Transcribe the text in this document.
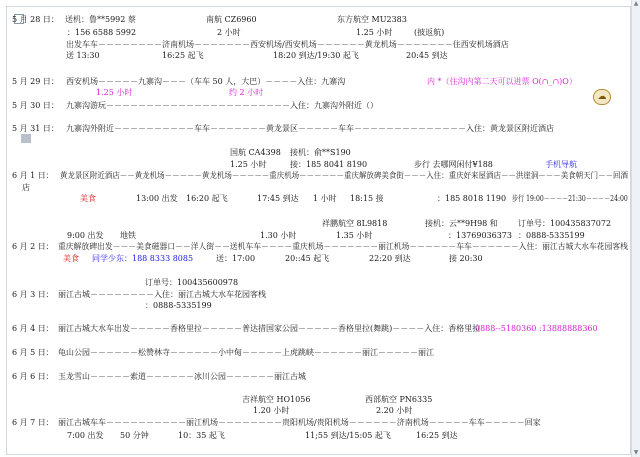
☁
▲
▼
5 月 28 日： 送机：鲁**5992 蔡	南航 CZ6960	东方航空 MU2383
：156 6588 5992	2 小时	1.25 小时	(披返航)
出发车车－－－－－－－－济南机场－－－－－－－西安机场/西安机场－－－－－－黄龙机场－－－－－－－住西安机场酒店
送 13:30	16:25 起飞	18:20 到达/19:30 起飞	20:45 到达
5 月 29 日： 西安机场－－－－－九寨沟－－－（车车 50 人，大巴）－－－－入住：九寨沟	内 *（住沟内第二天可以进票 O(∩_∩)O）
1.25 小时	约 2 小时
5 月 30 日： 九寨沟游玩－－－－－－－－－－－－－－－－－－－－－－－入住：九寨沟外附近（）
5 月 31 日： 九寨沟外附近－－－－－－－－－－车车－－－－－－－黄龙景区－－－－－车车－－－－－－－－－－－－－－入住：黄龙景区附近酒店
国航 CA4398 接机：俞**S190
1.25 小时	接：185 8041 8190	步行 去哪网闲付¥188	手机导航
6 月 1 日： 黄龙景区附近酒店－－黄龙机场－－－－－黄龙机场－－－－－重庆机场－－－－－－重庆解放碑美食街－－－入住：重庆好来屋酒店－－洪崖洞－－－美食朝天门－－回酒
店
美食	13:00 出发 16:20 起飞	17:45 到达 1 小时 18:15 接	：185 8018 1190 步行 19:00－－－－21:30－－－－24:00
祥鹏航空 8L9818	接机：云**9H98 和	订单号：100435837072
9:00 出发 地铁	1.30 小时	1.35 小时	：13769036373 ：0888-5335199
6 月 2 日： 重庆解放碑出发－－－美食磁器口－－洋人街－－送机车车－－－－重庆机场－－－－－－－丽江机场－－－－－－车车－－－－－－入住：丽江古城大水车花园客栈
美食 同学少东：188 8333 8085	送：17:00	20::45 起飞	22:20 到达	接 20:30
订单号：100435600978
6 月 3 日： 丽江古城－－－－－－－－入住：丽江古城大水车花园客栈
：0888-5335199
6 月 4 日： 丽江古城大水车出发－－－－－香格里拉－－－－－普达措国家公园－－－－－香格里拉(舞跳)－－－－入住：香格里拉
0888--5180360 :13888888360
6 月 5 日： 龟山公园－－－－－－松赞林寺－－－－－－小中甸－－－－－上虎跳峡－－－－－－丽江－－－－－丽江
6 月 6 日： 玉龙雪山－－－－－索道－－－－－－冰川公园－－－－－－丽江古城
吉祥航空 HO1056	西部航空 PN6335
1.20 小时	2.20 小时
6 月 7 日： 丽江古城车车－－－－－－－－－－丽江机场－－－－－－－－贵阳机场/贵阳机场－－－－－－济南机场－－－－－车车－－－－－回家
7:00 出发 50 分钟	10：35 起飞	11;55 到达/15:05 起飞	16:25 到达
